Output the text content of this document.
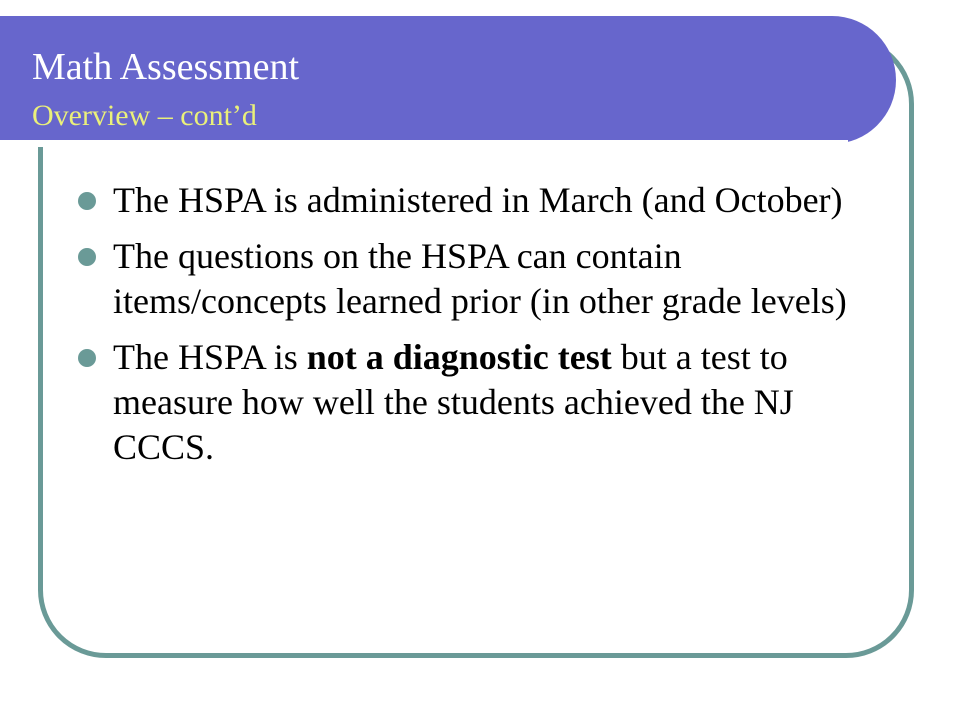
Math Assessment
Overview – cont’d
The HSPA is administered in March (and October)
The questions on the HSPA can contain items/concepts learned prior (in other grade levels)
The HSPA is not a diagnostic test but a test to measure how well the students achieved the NJ CCCS.
